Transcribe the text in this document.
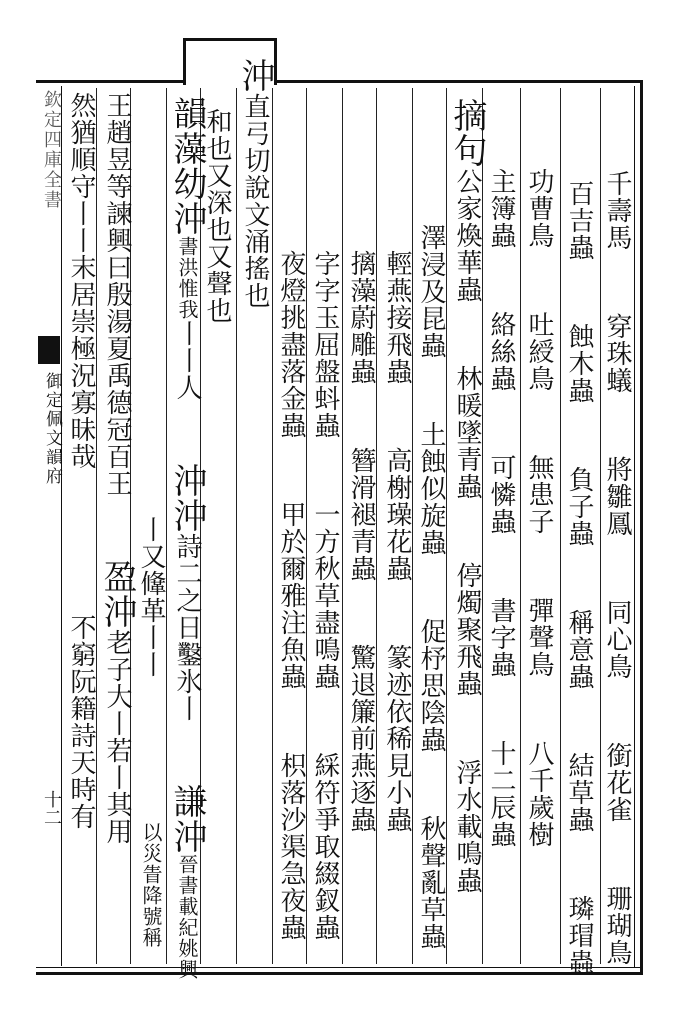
欽定四庫全書
御定佩文韻府
十二
千壽馬  穿珠蟻  將雛鳳  同心鳥  銜花雀  珊瑚鳥
百吉蟲  蝕木蟲  負子蟲  稱意蟲  結草蟲  璘瑁蟲
功曹鳥  吐綬鳥  無患子  彈聲鳥  八千歲樹
主簿蟲  絡絲蟲  可憐蟲  書字蟲  十二辰蟲
摘句公家煥華蟲  林暖墜青蟲  停燭聚飛蟲  浮水載鳴蟲
澤浸及昆蟲  土蝕似旋蟲  促杼思陰蟲  秋聲亂草蟲
輕燕接飛蟲  高榭璪花蟲  篆迹依稀見小蟲
摛藻蔚雕蟲  簪滑褪青蟲  驚退簾前燕逐蟲
字字玉屈盤蚪蟲  一方秋草盡鳴蟲  綵符爭取綴釵蟲
夜燈挑盡落金蟲  甲於爾雅注魚蟲  枳落沙渠急夜蟲
沖直弓切說文涌搖也
和也又深也又聲也
韻藻幼沖書洪惟我丨丨人  沖沖詩二之日鑿氷丨  謙沖晉書載紀姚興
丨又鞗革丨丨    以災眚降號稱
王趙昱等諫興曰殷湯夏禹德冠百王  盈沖老子大丨若丨其用
然猶順守丨丨末居崇極況寡昧哉    不窮阮籍詩天時有
